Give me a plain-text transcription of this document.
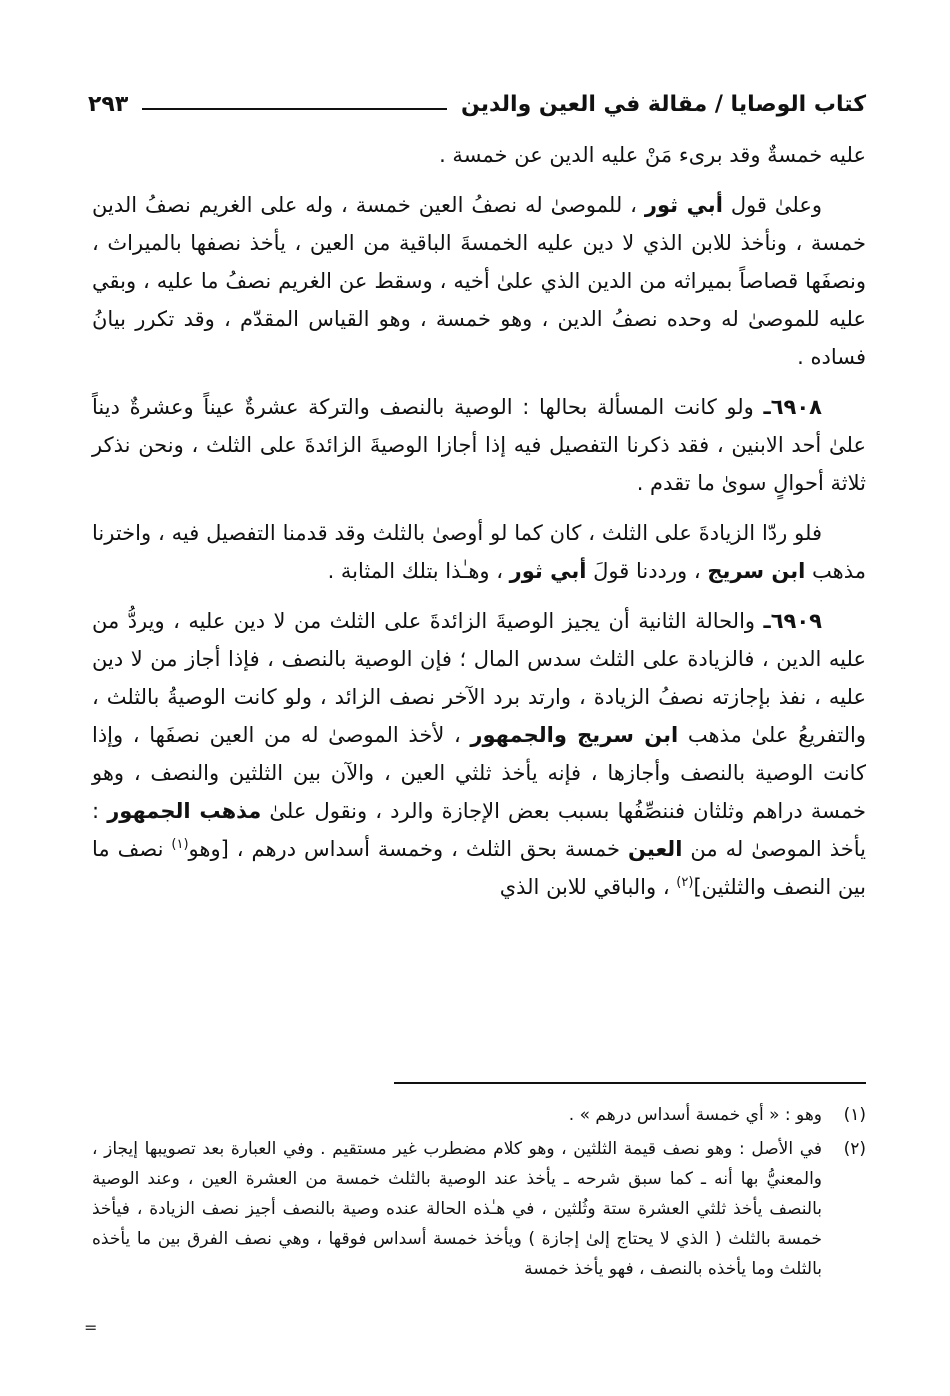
كتاب الوصايا / مقالة في العين والدين
٢٩٣

عليه خمسةٌ وقد برىء مَنْ عليه الدين عن خمسة .

وعلىٰ قول أبي ثور ، للموصىٰ له نصفُ العين خمسة ، وله على الغريم نصفُ الدين خمسة ، ونأخذ للابن الذي لا دين عليه الخمسةَ الباقية من العين ، يأخذ نصفها بالميراث ، ونصفَها قصاصاً بميراثه من الدين الذي علىٰ أخيه ، وسقط عن الغريم نصفُ ما عليه ، وبقي عليه للموصىٰ له وحده نصفُ الدين ، وهو خمسة ، وهو القياس المقدّم ، وقد تكرر بيانُ فساده .

٦٩٠٨ـ ولو كانت المسألة بحالها : الوصية بالنصف والتركة عشرةٌ عيناً وعشرةٌ ديناً علىٰ أحد الابنين ، فقد ذكرنا التفصيل فيه إذا أجازا الوصيةَ الزائدةَ على الثلث ، ونحن نذكر ثلاثة أحوالٍ سوىٰ ما تقدم .

فلو ردّا الزيادةَ على الثلث ، كان كما لو أوصىٰ بالثلث وقد قدمنا التفصيل فيه ، واخترنا مذهب ابن سريج ، ورددنا قولَ أبي ثور ، وهـٰذا بتلك المثابة .

٦٩٠٩ـ والحالة الثانية أن يجيز الوصيةَ الزائدةَ على الثلث من لا دين عليه ، ويردُّ من عليه الدين ، فالزيادة على الثلث سدس المال ؛ فإن الوصية بالنصف ، فإذا أجاز من لا دين عليه ، نفذ بإجازته نصفُ الزيادة ، وارتد برد الآخر نصف الزائد ، ولو كانت الوصيةُ بالثلث ، والتفريعُ علىٰ مذهب ابن سريج والجمهور ، لأخذ الموصىٰ له من العين نصفَها ، وإذا كانت الوصية بالنصف وأجازها ، فإنه يأخذ ثلثي العين ، والآن بين الثلثين والنصف ، وهو خمسة دراهم وثلثان فننصِّفُها بسبب بعض الإجازة والرد ، ونقول علىٰ مذهب الجمهور : يأخذ الموصىٰ له من العين خمسة بحق الثلث ، وخمسة أسداس درهم ، [وهو$^{(١)}$ نصف ما بين النصف والثلثين]$^{(٢)}$ ، والباقي للابن الذي

(١)
وهو : « أي خمسة أسداس درهم » .
(٢)
في الأصل : وهو نصف قيمة الثلثين ، وهو كلام مضطرب غير مستقيم . وفي العبارة بعد تصويبها إيجاز ، والمعنيُّ بها أنه ـ كما سبق شرحه ـ يأخذ عند الوصية بالثلث خمسة من العشرة العين ، وعند الوصية بالنصف يأخذ ثلثي العشرة ستة وثُلثين ، في هـٰذه الحالة عنده وصية بالنصف أجيز نصف الزيادة ، فيأخذ خمسة بالثلث ( الذي لا يحتاج إلىٰ إجازة ) ويأخذ خمسة أسداس فوقها ، وهي نصف الفرق بين ما يأخذه بالثلث وما يأخذه بالنصف ، فهو يأخذ خمسة
=
